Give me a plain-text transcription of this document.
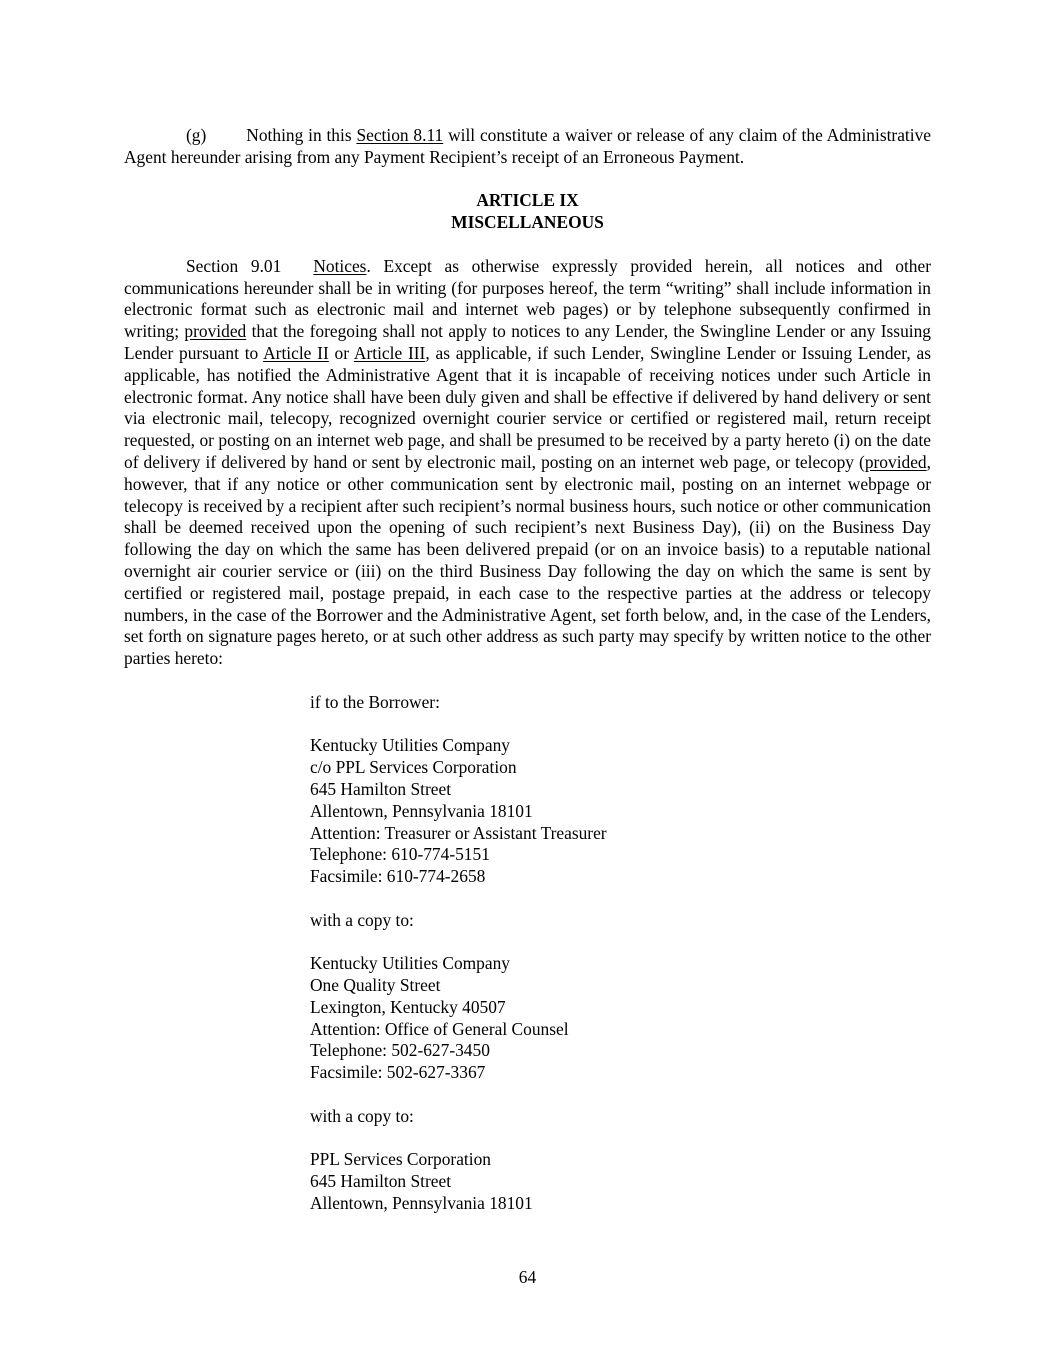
(g) Nothing in this Section 8.11 will constitute a waiver or release of any claim of the Administrative Agent hereunder arising from any Payment Recipient’s receipt of an Erroneous Payment.

ARTICLE IX

MISCELLANEOUS

Section 9.01 Notices. Except as otherwise expressly provided herein, all notices and other communications hereunder shall be in writing (for purposes hereof, the term “writing” shall include information in electronic format such as electronic mail and internet web pages) or by telephone subsequently confirmed in writing; provided that the foregoing shall not apply to notices to any Lender, the Swingline Lender or any Issuing Lender pursuant to Article II or Article III, as applicable, if such Lender, Swingline Lender or Issuing Lender, as applicable, has notified the Administrative Agent that it is incapable of receiving notices under such Article in electronic format. Any notice shall have been duly given and shall be effective if delivered by hand delivery or sent via electronic mail, telecopy, recognized overnight courier service or certified or registered mail, return receipt requested, or posting on an internet web page, and shall be presumed to be received by a party hereto (i) on the date of delivery if delivered by hand or sent by electronic mail, posting on an internet web page, or telecopy (provided, however, that if any notice or other communication sent by electronic mail, posting on an internet webpage or telecopy is received by a recipient after such recipient’s normal business hours, such notice or other communication shall be deemed received upon the opening of such recipient’s next Business Day), (ii) on the Business Day following the day on which the same has been delivered prepaid (or on an invoice basis) to a reputable national overnight air courier service or (iii) on the third Business Day following the day on which the same is sent by certified or registered mail, postage prepaid, in each case to the respective parties at the address or telecopy numbers, in the case of the Borrower and the Administrative Agent, set forth below, and, in the case of the Lenders, set forth on signature pages hereto, or at such other address as such party may specify by written notice to the other parties hereto:

if to the Borrower:

Kentucky Utilities Company
c/o PPL Services Corporation
645 Hamilton Street
Allentown, Pennsylvania 18101
Attention: Treasurer or Assistant Treasurer
Telephone: 610-774-5151
Facsimile: 610-774-2658

with a copy to:

Kentucky Utilities Company
One Quality Street
Lexington, Kentucky 40507
Attention: Office of General Counsel
Telephone: 502-627-3450
Facsimile: 502-627-3367

with a copy to:

PPL Services Corporation
645 Hamilton Street
Allentown, Pennsylvania 18101
64
